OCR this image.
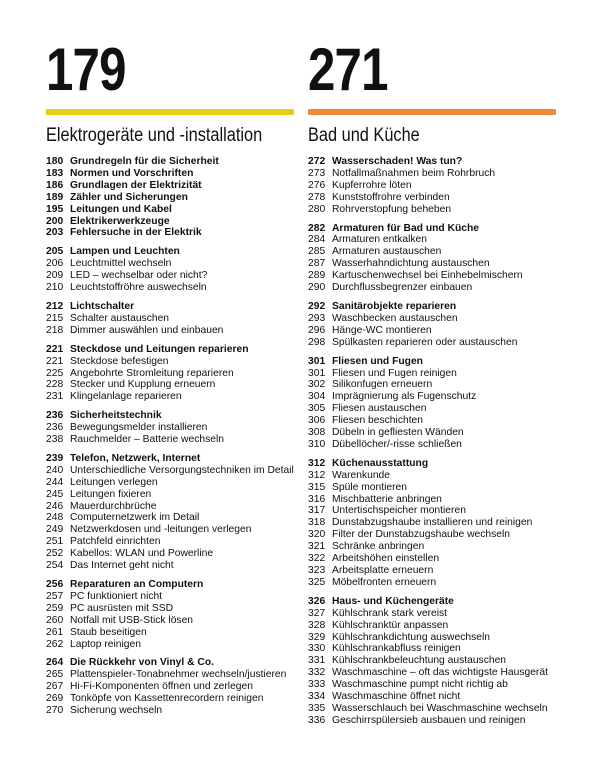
179
Elektrogeräte und -installation
180 Grundregeln für die Sicherheit
183 Normen und Vorschriften
186 Grundlagen der Elektrizität
189 Zähler und Sicherungen
195 Leitungen und Kabel
200 Elektrikerwerkzeuge
203 Fehlersuche in der Elektrik
205 Lampen und Leuchten
206 Leuchtmittel wechseln
209 LED – wechselbar oder nicht?
210 Leuchtstoffröhre auswechseln
212 Lichtschalter
215 Schalter austauschen
218 Dimmer auswählen und einbauen
221 Steckdose und Leitungen reparieren
221 Steckdose befestigen
225 Angebohrte Stromleitung reparieren
228 Stecker und Kupplung erneuern
231 Klingelanlage reparieren
236 Sicherheitstechnik
236 Bewegungsmelder installieren
238 Rauchmelder – Batterie wechseln
239 Telefon, Netzwerk, Internet
240 Unterschiedliche Versorgungstechniken im Detail
244 Leitungen verlegen
245 Leitungen fixieren
246 Mauerdurchbrüche
248 Computernetzwerk im Detail
249 Netzwerkdosen und -leitungen verlegen
251 Patchfeld einrichten
252 Kabellos: WLAN und Powerline
254 Das Internet geht nicht
256 Reparaturen an Computern
257 PC funktioniert nicht
259 PC ausrüsten mit SSD
260 Notfall mit USB-Stick lösen
261 Staub beseitigen
262 Laptop reinigen
264 Die Rückkehr von Vinyl & Co.
265 Plattenspieler-Tonabnehmer wechseln/justieren
267 Hi-Fi-Komponenten öffnen und zerlegen
269 Tonköpfe von Kassettenrecordern reinigen
270 Sicherung wechseln
271
Bad und Küche
272 Wasserschaden! Was tun?
273 Notfallmaßnahmen beim Rohrbruch
276 Kupferrohre löten
278 Kunststoffrohre verbinden
280 Rohrverstopfung beheben
282 Armaturen für Bad und Küche
284 Armaturen entkalken
285 Armaturen austauschen
287 Wasserhahndichtung austauschen
289 Kartuschenwechsel bei Einhebelmischern
290 Durchflussbegrenzer einbauen
292 Sanitärobjekte reparieren
293 Waschbecken austauschen
296 Hänge-WC montieren
298 Spülkasten reparieren oder austauschen
301 Fliesen und Fugen
301 Fliesen und Fugen reinigen
302 Silikonfugen erneuern
304 Imprägnierung als Fugenschutz
305 Fliesen austauschen
306 Fliesen beschichten
308 Dübeln in gefliesten Wänden
310 Dübellöcher/-risse schließen
312 Küchenausstattung
312 Warenkunde
315 Spüle montieren
316 Mischbatterie anbringen
317 Untertischspeicher montieren
318 Dunstabzugshaube installieren und reinigen
320 Filter der Dunstabzugshaube wechseln
321 Schränke anbringen
322 Arbeitshöhen einstellen
323 Arbeitsplatte erneuern
325 Möbelfronten erneuern
326 Haus- und Küchengeräte
327 Kühlschrank stark vereist
328 Kühlschranktür anpassen
329 Kühlschrankdichtung auswechseln
330 Kühlschrankabfluss reinigen
331 Kühlschrankbeleuchtung austauschen
332 Waschmaschine – oft das wichtigste Hausgerät
333 Waschmaschine pumpt nicht richtig ab
334 Waschmaschine öffnet nicht
335 Wasserschlauch bei Waschmaschine wechseln
336 Geschirrspülersieb ausbauen und reinigen
